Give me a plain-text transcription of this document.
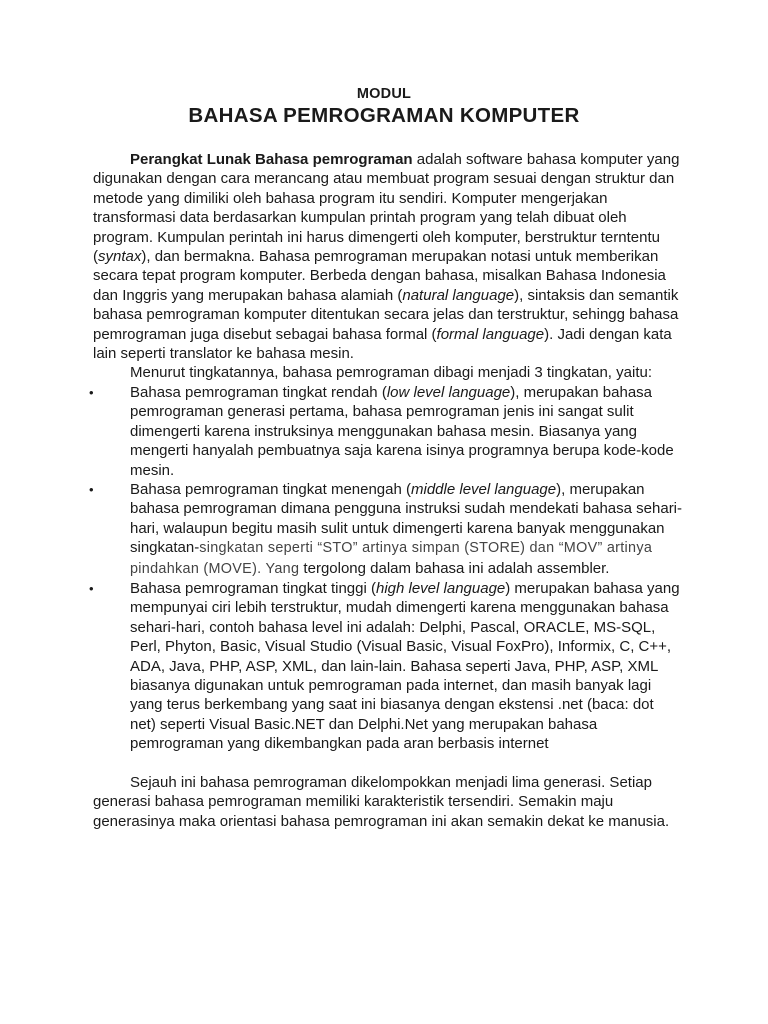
MODUL
BAHASA PEMROGRAMAN KOMPUTER

Perangkat Lunak Bahasa pemrograman adalah software bahasa komputer yang digunakan dengan cara merancang atau membuat program sesuai dengan struktur dan metode yang dimiliki oleh bahasa program itu sendiri. Komputer mengerjakan transformasi data berdasarkan kumpulan printah program yang telah dibuat oleh program. Kumpulan perintah ini harus dimengerti oleh komputer, berstruktur terntentu (syntax), dan bermakna. Bahasa pemrograman merupakan notasi untuk memberikan secara tepat program komputer. Berbeda dengan bahasa, misalkan Bahasa Indonesia dan Inggris yang merupakan bahasa alamiah (natural language), sintaksis dan semantik bahasa pemrograman komputer ditentukan secara jelas dan terstruktur, sehingg bahasa pemrograman juga disebut sebagai bahasa formal (formal language). Jadi dengan kata lain seperti translator ke bahasa mesin.

Menurut tingkatannya, bahasa pemrograman dibagi menjadi 3 tingkatan, yaitu:

• Bahasa pemrograman tingkat rendah (low level language), merupakan bahasa pemrograman generasi pertama, bahasa pemrograman jenis ini sangat sulit dimengerti karena instruksinya menggunakan bahasa mesin. Biasanya yang mengerti hanyalah pembuatnya saja karena isinya programnya berupa kode-kode mesin.
• Bahasa pemrograman tingkat menengah (middle level language), merupakan bahasa pemrograman dimana pengguna instruksi sudah mendekati bahasa sehari-hari, walaupun begitu masih sulit untuk dimengerti karena banyak menggunakan singkatan-singkatan seperti “STO” artinya simpan (STORE) dan “MOV” artinya pindahkan (MOVE). Yang tergolong dalam bahasa ini adalah assembler.
• Bahasa pemrograman tingkat tinggi (high level language) merupakan bahasa yang mempunyai ciri lebih terstruktur, mudah dimengerti karena menggunakan bahasa sehari-hari, contoh bahasa level ini adalah: Delphi, Pascal, ORACLE, MS-SQL, Perl, Phyton, Basic, Visual Studio (Visual Basic, Visual FoxPro), Informix, C, C++, ADA, Java, PHP, ASP, XML, dan lain-lain. Bahasa seperti Java, PHP, ASP, XML biasanya digunakan untuk pemrograman pada internet, dan masih banyak lagi yang terus berkembang yang saat ini biasanya dengan ekstensi .net (baca: dot net) seperti Visual Basic.NET dan Delphi.Net yang merupakan bahasa pemrograman yang dikembangkan pada aran berbasis internet

Sejauh ini bahasa pemrograman dikelompokkan menjadi lima generasi. Setiap generasi bahasa pemrograman memiliki karakteristik tersendiri. Semakin maju generasinya maka orientasi bahasa pemrograman ini akan semakin dekat ke manusia.
